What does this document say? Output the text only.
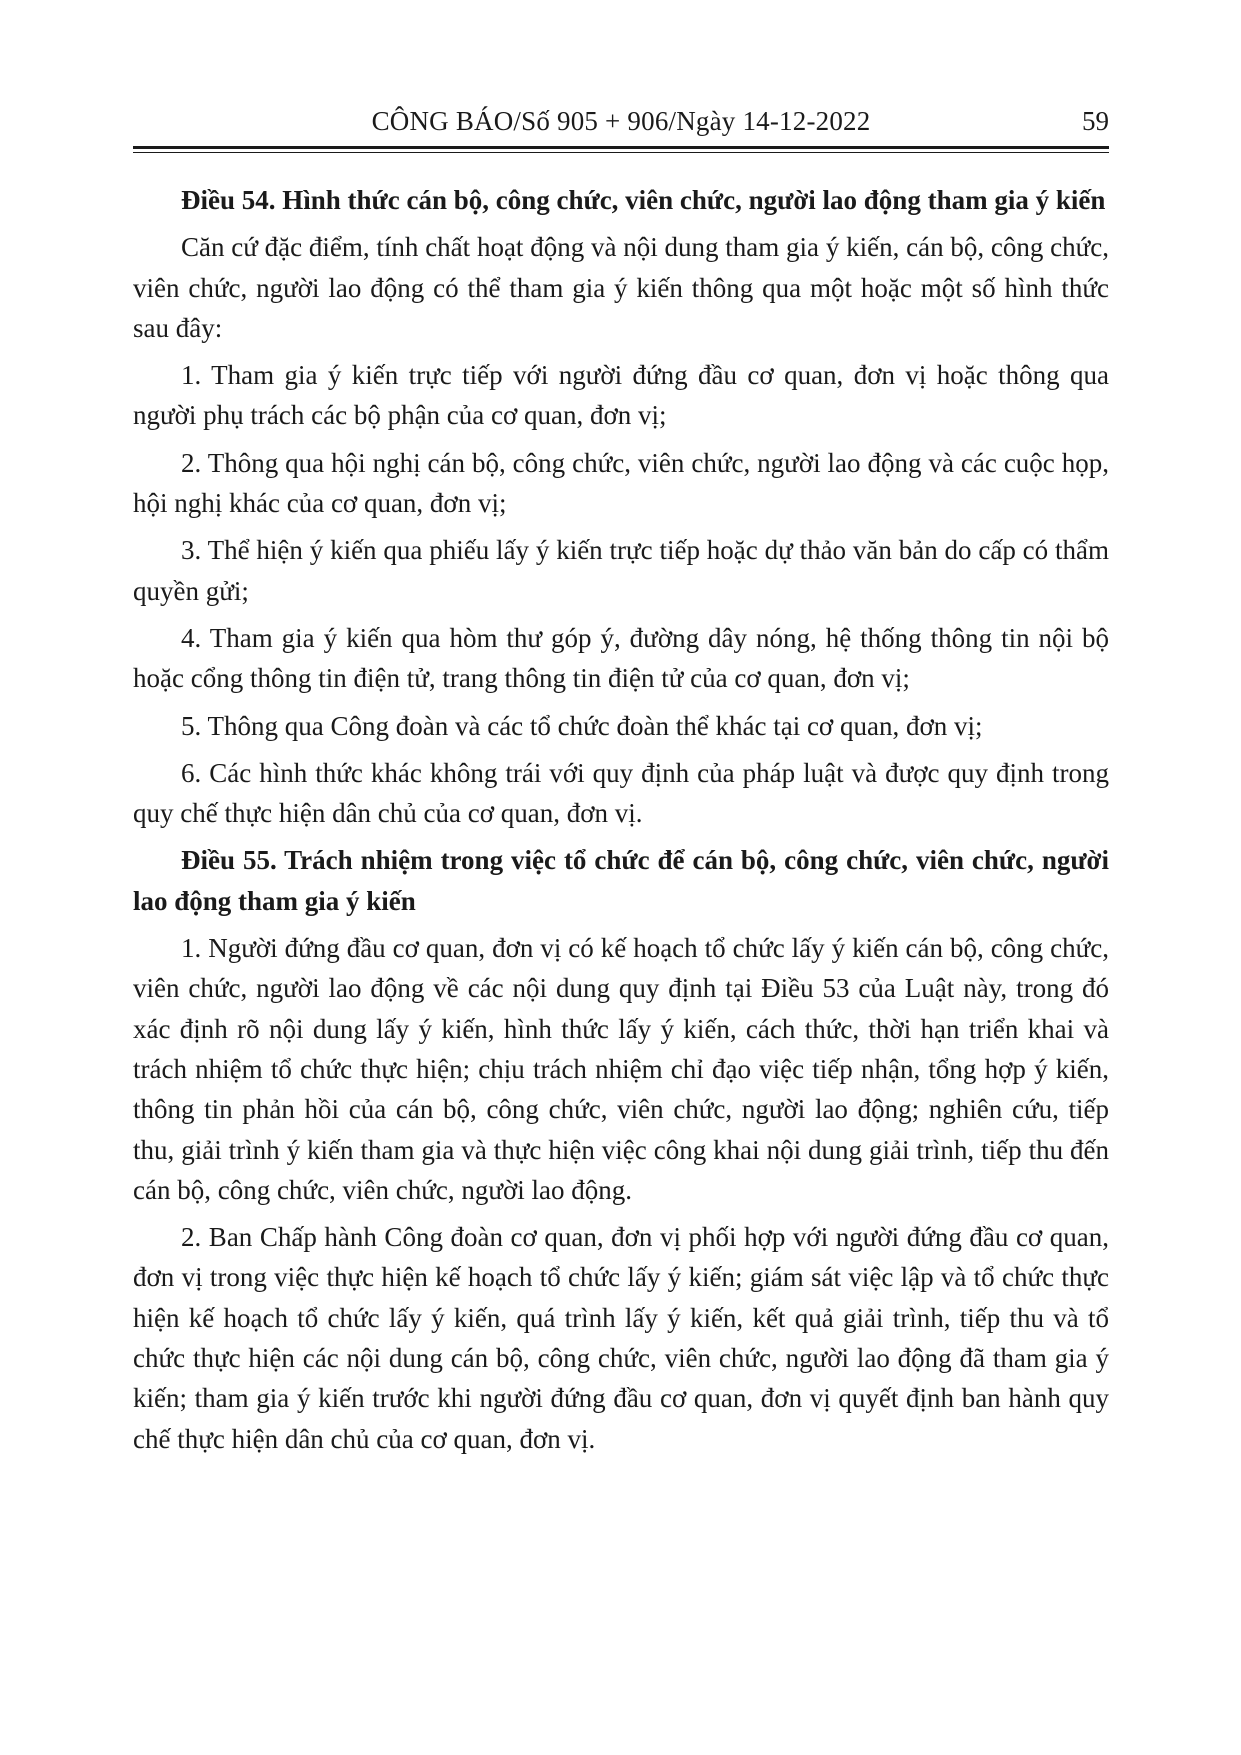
CÔNG BÁO/Số 905 + 906/Ngày 14-12-2022	59

Điều 54. Hình thức cán bộ, công chức, viên chức, người lao động tham gia ý kiến

Căn cứ đặc điểm, tính chất hoạt động và nội dung tham gia ý kiến, cán bộ, công chức, viên chức, người lao động có thể tham gia ý kiến thông qua một hoặc một số hình thức sau đây:

1. Tham gia ý kiến trực tiếp với người đứng đầu cơ quan, đơn vị hoặc thông qua người phụ trách các bộ phận của cơ quan, đơn vị;

2. Thông qua hội nghị cán bộ, công chức, viên chức, người lao động và các cuộc họp, hội nghị khác của cơ quan, đơn vị;

3. Thể hiện ý kiến qua phiếu lấy ý kiến trực tiếp hoặc dự thảo văn bản do cấp có thẩm quyền gửi;

4. Tham gia ý kiến qua hòm thư góp ý, đường dây nóng, hệ thống thông tin nội bộ hoặc cổng thông tin điện tử, trang thông tin điện tử của cơ quan, đơn vị;

5. Thông qua Công đoàn và các tổ chức đoàn thể khác tại cơ quan, đơn vị;

6. Các hình thức khác không trái với quy định của pháp luật và được quy định trong quy chế thực hiện dân chủ của cơ quan, đơn vị.

Điều 55. Trách nhiệm trong việc tổ chức để cán bộ, công chức, viên chức, người lao động tham gia ý kiến

1. Người đứng đầu cơ quan, đơn vị có kế hoạch tổ chức lấy ý kiến cán bộ, công chức, viên chức, người lao động về các nội dung quy định tại Điều 53 của Luật này, trong đó xác định rõ nội dung lấy ý kiến, hình thức lấy ý kiến, cách thức, thời hạn triển khai và trách nhiệm tổ chức thực hiện; chịu trách nhiệm chỉ đạo việc tiếp nhận, tổng hợp ý kiến, thông tin phản hồi của cán bộ, công chức, viên chức, người lao động; nghiên cứu, tiếp thu, giải trình ý kiến tham gia và thực hiện việc công khai nội dung giải trình, tiếp thu đến cán bộ, công chức, viên chức, người lao động.

2. Ban Chấp hành Công đoàn cơ quan, đơn vị phối hợp với người đứng đầu cơ quan, đơn vị trong việc thực hiện kế hoạch tổ chức lấy ý kiến; giám sát việc lập và tổ chức thực hiện kế hoạch tổ chức lấy ý kiến, quá trình lấy ý kiến, kết quả giải trình, tiếp thu và tổ chức thực hiện các nội dung cán bộ, công chức, viên chức, người lao động đã tham gia ý kiến; tham gia ý kiến trước khi người đứng đầu cơ quan, đơn vị quyết định ban hành quy chế thực hiện dân chủ của cơ quan, đơn vị.
